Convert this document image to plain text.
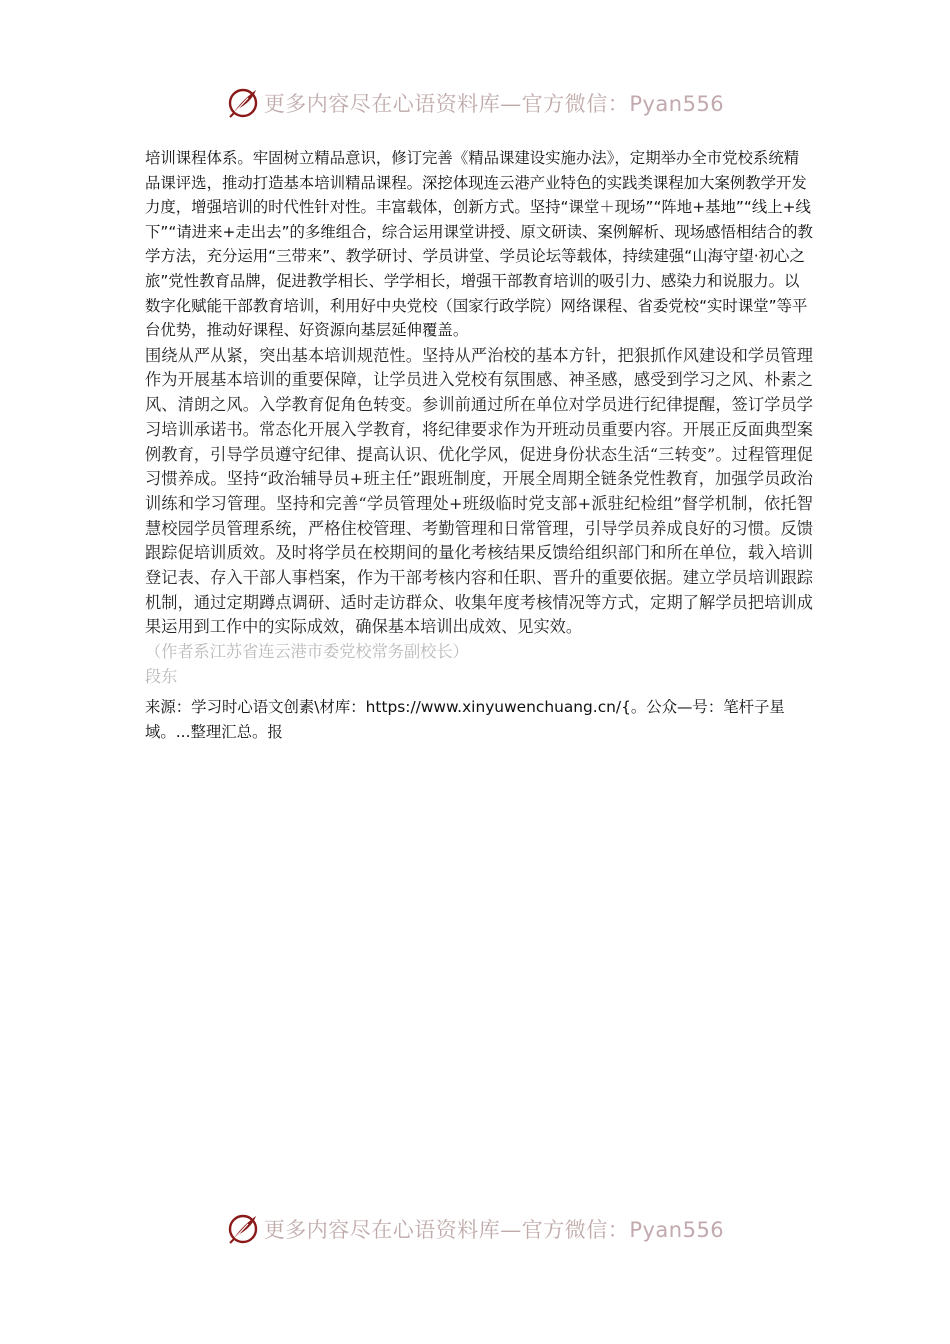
更多内容尽在心语资料库—官方微信：Pyan556

培训课程体系。牢固树立精品意识，修订完善《精品课建设实施办法》，定期举办全市党校系统精品课评选，推动打造基本培训精品课程。深挖体现连云港产业特色的实践类课程加大案例教学开发力度，增强培训的时代性针对性。丰富载体，创新方式。坚持“课堂＋现场”“阵地+基地”“线上+线下”“请进来+走出去”的多维组合，综合运用课堂讲授、原文研读、案例解析、现场感悟相结合的教学方法，充分运用“三带来”、教学研讨、学员讲堂、学员论坛等载体，持续建强“山海守望·初心之旅”党性教育品牌，促进教学相长、学学相长，增强干部教育培训的吸引力、感染力和说服力。以数字化赋能干部教育培训，利用好中央党校（国家行政学院）网络课程、省委党校“实时课堂”等平台优势，推动好课程、好资源向基层延伸覆盖。

围绕从严从紧，突出基本培训规范性。坚持从严治校的基本方针，把狠抓作风建设和学员管理作为开展基本培训的重要保障，让学员进入党校有氛围感、神圣感，感受到学习之风、朴素之风、清朗之风。入学教育促角色转变。参训前通过所在单位对学员进行纪律提醒，签订学员学习培训承诺书。常态化开展入学教育，将纪律要求作为开班动员重要内容。开展正反面典型案例教育，引导学员遵守纪律、提高认识、优化学风，促进身份状态生活“三转变”。过程管理促习惯养成。坚持“政治辅导员+班主任”跟班制度，开展全周期全链条党性教育，加强学员政治训练和学习管理。坚持和完善“学员管理处+班级临时党支部+派驻纪检组”督学机制，依托智慧校园学员管理系统，严格住校管理、考勤管理和日常管理，引导学员养成良好的习惯。反馈跟踪促培训质效。及时将学员在校期间的量化考核结果反馈给组织部门和所在单位，载入培训登记表、存入干部人事档案，作为干部考核内容和任职、晋升的重要依据。建立学员培训跟踪机制，通过定期蹲点调研、适时走访群众、收集年度考核情况等方式，定期了解学员把培训成果运用到工作中的实际成效，确保基本培训出成效、见实效。

（作者系江苏省连云港市委党校常务副校长）

段东

来源：学习时心语文创素\材库：https://www.xinyuwenchuang.cn/{。公众—号：笔杆子星域。...整理汇总。报

更多内容尽在心语资料库—官方微信：Pyan556
